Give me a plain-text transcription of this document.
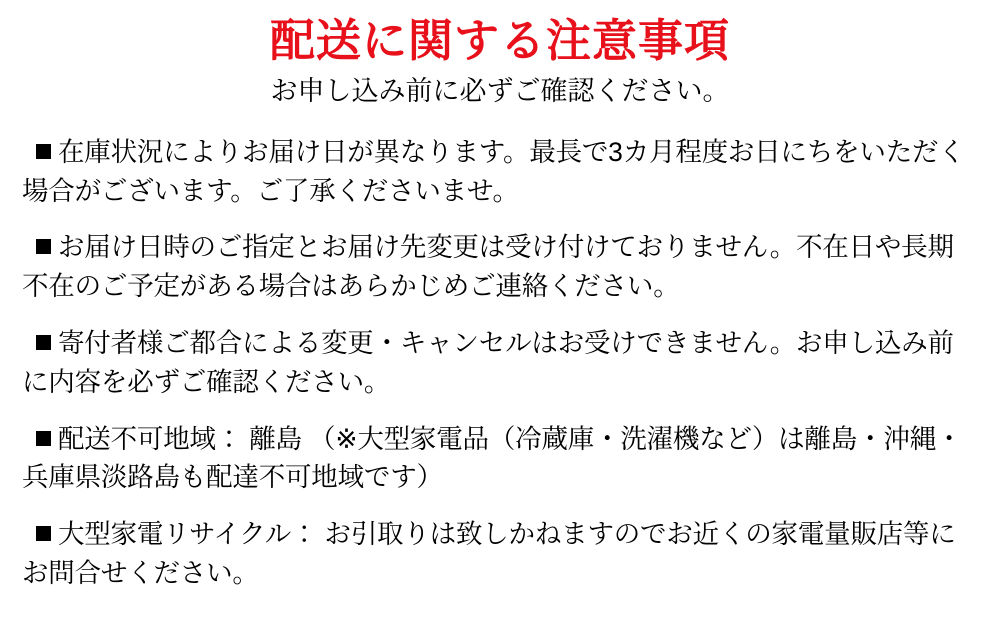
配送に関する注意事項
お申し込み前に必ずご確認ください。

在庫状況によりお届け日が異なります。最長で3カ月程度お日にちをいただく場合がございます。ご了承くださいませ。

お届け日時のご指定とお届け先変更は受け付けておりません。不在日や長期不在のご予定がある場合はあらかじめご連絡ください。

寄付者様ご都合による変更・キャンセルはお受けできません。お申し込み前に内容を必ずご確認ください。

配送不可地域： 離島 （※大型家電品（冷蔵庫・洗濯機など）は離島・沖縄・兵庫県淡路島も配達不可地域です）

大型家電リサイクル： お引取りは致しかねますのでお近くの家電量販店等にお問合せください。
